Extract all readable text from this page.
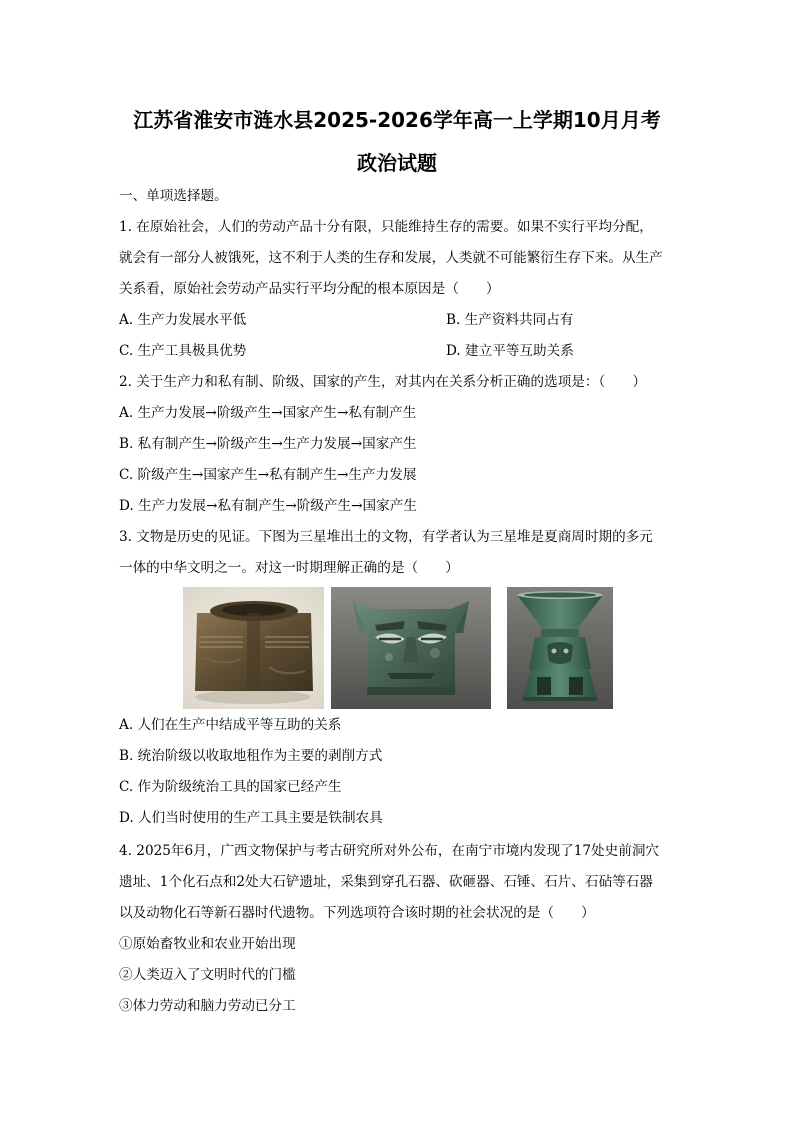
江苏省淮安市涟水县2025-2026学年高一上学期10月月考
政治试题
一、单项选择题。
1. 在原始社会，人们的劳动产品十分有限，只能维持生存的需要。如果不实行平均分配，
就会有一部分人被饿死，这不利于人类的生存和发展，人类就不可能繁衍生存下来。从生产
关系看，原始社会劳动产品实行平均分配的根本原因是（　　）
A. 生产力发展水平低	B. 生产资料共同占有
C. 生产工具极具优势	D. 建立平等互助关系
2. 关于生产力和私有制、阶级、国家的产生，对其内在关系分析正确的选项是：（　　）
A. 生产力发展→阶级产生→国家产生→私有制产生
B. 私有制产生→阶级产生→生产力发展→国家产生
C. 阶级产生→国家产生→私有制产生→生产力发展
D. 生产力发展→私有制产生→阶级产生→国家产生
3. 文物是历史的见证。下图为三星堆出土的文物，有学者认为三星堆是夏商周时期的多元
一体的中华文明之一。对这一时期理解正确的是（　　）
A. 人们在生产中结成平等互助的关系
B. 统治阶级以收取地租作为主要的剥削方式
C. 作为阶级统治工具的国家已经产生
D. 人们当时使用的生产工具主要是铁制农具
4. 2025年6月，广西文物保护与考古研究所对外公布，在南宁市境内发现了17处史前洞穴
遗址、1个化石点和2处大石铲遗址，采集到穿孔石器、砍砸器、石锤、石片、石砧等石器
以及动物化石等新石器时代遗物。下列选项符合该时期的社会状况的是（　　）
①原始畜牧业和农业开始出现
②人类迈入了文明时代的门槛
③体力劳动和脑力劳动已分工
